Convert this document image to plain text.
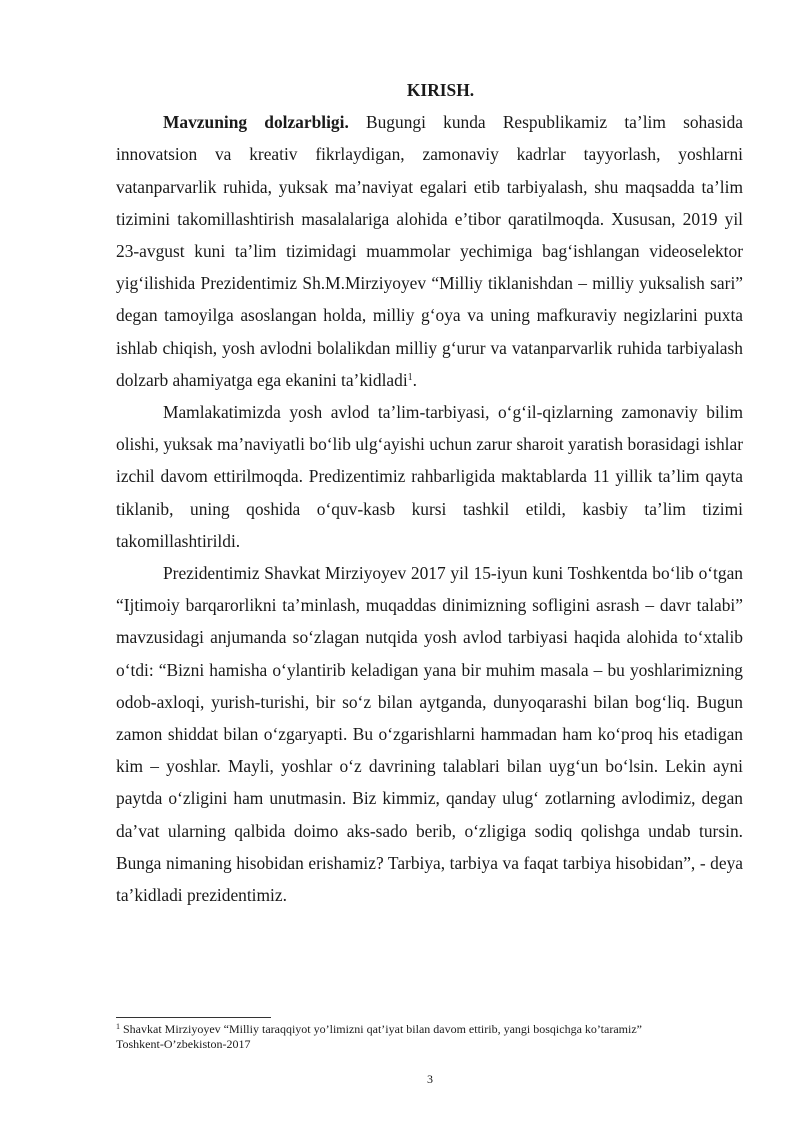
KIRISH.

Mavzuning dolzarbligi. Bugungi kunda Respublikamiz ta’lim sohasida innovatsion va kreativ fikrlaydigan, zamonaviy kadrlar tayyorlash, yoshlarni vatanparvarlik ruhida, yuksak ma’naviyat egalari etib tarbiyalash, shu maqsadda ta’lim tizimini takomillashtirish masalalariga alohida e’tibor qaratilmoqda. Xususan, 2019 yil 23-avgust kuni ta’lim tizimidagi muammolar yechimiga bag‘ishlangan videoselektor yig‘ilishida Prezidentimiz Sh.M.Mirziyoyev “Milliy tiklanishdan – milliy yuksalish sari” degan tamoyilga asoslangan holda, milliy g‘oya va uning mafkuraviy negizlarini puxta ishlab chiqish, yosh avlodni bolalikdan milliy g‘urur va vatanparvarlik ruhida tarbiyalash dolzarb ahamiyatga ega ekanini ta’kidladi$^1$.

Mamlakatimizda yosh avlod ta’lim-tarbiyasi, o‘g‘il-qizlarning zamonaviy bilim olishi, yuksak ma’naviyatli bo‘lib ulg‘ayishi uchun zarur sharoit yaratish borasidagi ishlar izchil davom ettirilmoqda. Predizentimiz rahbarligida maktablarda 11 yillik ta’lim qayta tiklanib, uning qoshida o‘quv-kasb kursi tashkil etildi, kasbiy ta’lim tizimi takomillashtirildi.

Prezidentimiz Shavkat Mirziyoyev 2017 yil 15-iyun kuni Toshkentda bo‘lib o‘tgan “Ijtimoiy barqarorlikni ta’minlash, muqaddas dinimizning sofligini asrash – davr talabi” mavzusidagi anjumanda so‘zlagan nutqida yosh avlod tarbiyasi haqida alohida to‘xtalib o‘tdi: “Bizni hamisha o‘ylantirib keladigan yana bir muhim masala – bu yoshlarimizning odob-axloqi, yurish-turishi, bir so‘z bilan aytganda, dunyoqarashi bilan bog‘liq. Bugun zamon shiddat bilan o‘zgaryapti. Bu o‘zgarishlarni hammadan ham ko‘proq his etadigan kim – yoshlar. Mayli, yoshlar o‘z davrining talablari bilan uyg‘un bo‘lsin. Lekin ayni paytda o‘zligini ham unutmasin. Biz kimmiz, qanday ulug‘ zotlarning avlodimiz, degan da’vat ularning qalbida doimo aks-sado berib, o‘zligiga sodiq qolishga undab tursin. Bunga nimaning hisobidan erishamiz? Tarbiya, tarbiya va faqat tarbiya hisobidan”, - deya ta’kidladi prezidentimiz.

$^1$ Shavkat Mirziyoyev “Milliy taraqqiyot yo’limizni qat’iyat bilan davom ettirib, yangi bosqichga ko’taramiz”
Toshkent-O’zbekiston-2017

3
